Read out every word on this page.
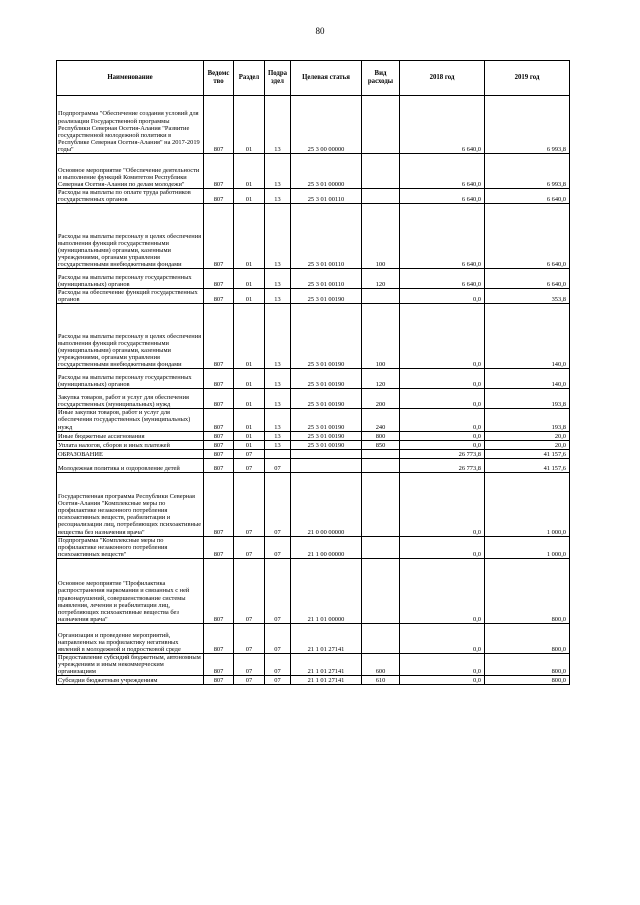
80
Наименование	Ведомс тво	Раздел	Подра здел	Целевая статья	Вид расходы	2018 год	2019 год
Подпрограмма "Обеспечение создания условий для реализации Государственной программы Республики Северная Осетия-Алания "Развитие государственной молодежной политики в Республике Северная Осетия-Алания" на 2017-2019 годы"	807	01	13	25 3 00 00000		6 640,0	6 993,8
Основное мероприятие "Обеспечение деятельности и выполнение функций Комитетом Республики Северная Осетия-Алания по делам молодежи"	807	01	13	25 3 01 00000		6 640,0	6 993,8
Расходы на выплаты по оплате труда работников государственных органов	807	01	13	25 3 01 00110		6 640,0	6 640,0
Расходы на выплаты персоналу в целях обеспечения выполнения функций государственными (муниципальными) органами, казенными учреждениями, органами управления государственными внебюджетными фондами	807	01	13	25 3 01 00110	100	6 640,0	6 640,0
Расходы на выплаты персоналу государственных (муниципальных) органов	807	01	13	25 3 01 00110	120	6 640,0	6 640,0
Расходы на обеспечение функций государственных органов	807	01	13	25 3 01 00190		0,0	353,8
Расходы на выплаты персоналу в целях обеспечения выполнения функций государственными (муниципальными) органами, казенными учреждениями, органами управления государственными внебюджетными фондами	807	01	13	25 3 01 00190	100	0,0	140,0
Расходы на выплаты персоналу государственных (муниципальных) органов	807	01	13	25 3 01 00190	120	0,0	140,0
Закупка товаров, работ и услуг для обеспечения государственных (муниципальных) нужд	807	01	13	25 3 01 00190	200	0,0	193,8
Иные закупки товаров, работ и услуг для обеспечения государственных (муниципальных) нужд	807	01	13	25 3 01 00190	240	0,0	193,8
Иные бюджетные ассигнования	807	01	13	25 3 01 00190	800	0,0	20,0
Уплата налогов, сборов и иных платежей	807	01	13	25 3 01 00190	850	0,0	20,0
ОБРАЗОВАНИЕ	807	07				26 773,8	41 157,6
Молодежная политика и оздоровление детей	807	07	07			26 773,8	41 157,6
Государственная программа Республики Северная Осетия-Алания "Комплексные меры по профилактике незаконного потребления психоактивных веществ, реабилитации и ресоциализации лиц, потребляющих психоактивные вещества без назначения врача"	807	07	07	21 0 00 00000		0,0	1 000,0
Подпрограмма "Комплексные меры по профилактике незаконного потребления психоактивных веществ"	807	07	07	21 1 00 00000		0,0	1 000,0
Основное мероприятие "Профилактика распространения наркомании и связанных с ней правонарушений, совершенствование системы выявления, лечения и реабилитации лиц, потребляющих психоактивные вещества без назначения врача"	807	07	07	21 1 01 00000		0,0	800,0
Организация и проведение мероприятий, направленных на профилактику негативных явлений в молодежной и подростковой среде	807	07	07	21 1 01 27141		0,0	800,0
Предоставление субсидий бюджетным, автономным учреждениям и иным некоммерческим организациям	807	07	07	21 1 01 27141	600	0,0	800,0
Субсидии бюджетным учреждениям	807	07	07	21 1 01 27141	610	0,0	800,0
